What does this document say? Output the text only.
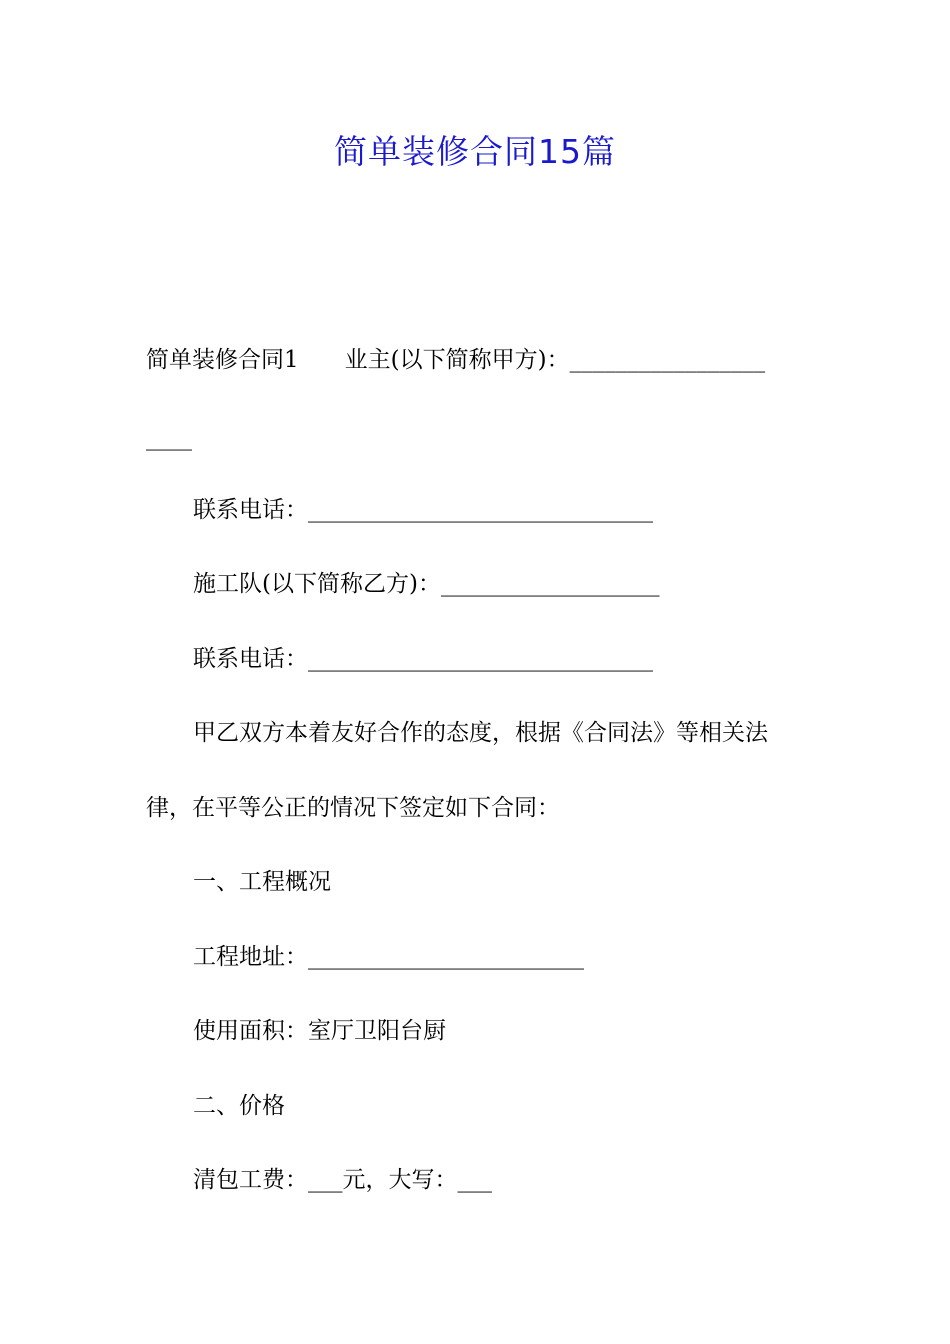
简单装修合同15篇

简单装修合同1　　业主(以下简称甲方)：_________________

____

联系电话：______________________________

施工队(以下简称乙方)：___________________

联系电话：______________________________

甲乙双方本着友好合作的态度，根据《合同法》等相关法

律，在平等公正的情况下签定如下合同：

一、工程概况

工程地址：________________________

使用面积：室厅卫阳台厨

二、价格

清包工费：___元，大写：___
